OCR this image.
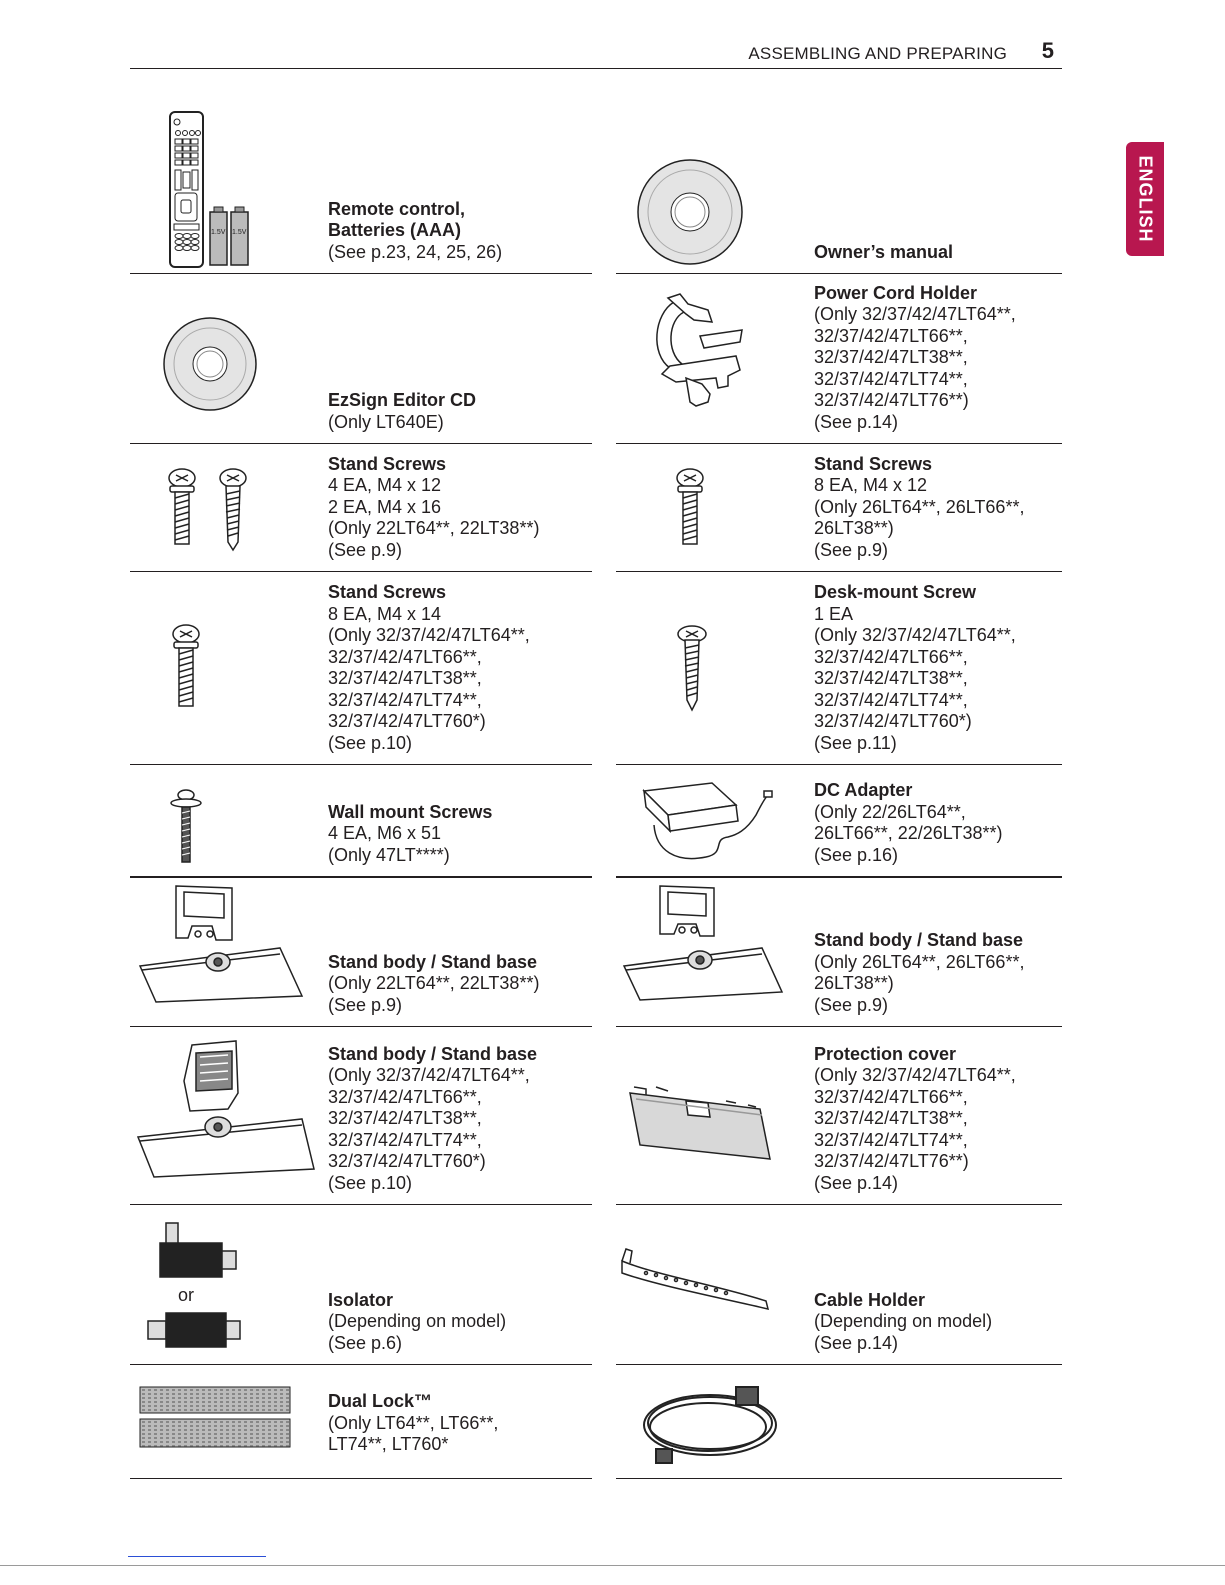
ASSEMBLING AND PREPARING 5
ENGLISH
1.5V 1.5V
Remote control,
Batteries (AAA)
(See p.23, 24, 25, 26)
EzSign Editor CD
(Only LT640E)
Stand Screws
4 EA, M4 x 12
2 EA, M4 x 16
(Only 22LT64**, 22LT38**)
(See p.9)
Stand Screws
8 EA, M4 x 14
(Only 32/37/42/47LT64**,
32/37/42/47LT66**,
32/37/42/47LT38**,
32/37/42/47LT74**,
32/37/42/47LT760*)
(See p.10)
Wall mount Screws
4 EA, M6 x 51
(Only 47LT****)
Stand body / Stand base
(Only 22LT64**, 22LT38**)
(See p.9)
Stand body / Stand base
(Only 32/37/42/47LT64**,
32/37/42/47LT66**,
32/37/42/47LT38**,
32/37/42/47LT74**,
32/37/42/47LT760*)
(See p.10)
or	Isolator
(Depending on model)
(See p.6)
Dual Lock™
(Only LT64**, LT66**,
LT74**, LT760*
Owner’s manual
Power Cord Holder
(Only 32/37/42/47LT64**,
32/37/42/47LT66**,
32/37/42/47LT38**,
32/37/42/47LT74**,
32/37/42/47LT76**)
(See p.14)
Stand Screws
8 EA, M4 x 12
(Only 26LT64**, 26LT66**,
26LT38**)
(See p.9)
Desk-mount Screw
1 EA
(Only 32/37/42/47LT64**,
32/37/42/47LT66**,
32/37/42/47LT38**,
32/37/42/47LT74**,
32/37/42/47LT760*)
(See p.11)
DC Adapter
(Only 22/26LT64**,
26LT66**, 22/26LT38**)
(See p.16)
Stand body / Stand base
(Only 26LT64**, 26LT66**,
26LT38**)
(See p.9)
Protection cover
(Only 32/37/42/47LT64**,
32/37/42/47LT66**,
32/37/42/47LT38**,
32/37/42/47LT74**,
32/37/42/47LT76**)
(See p.14)
Cable Holder
(Depending on model)
(See p.14)
